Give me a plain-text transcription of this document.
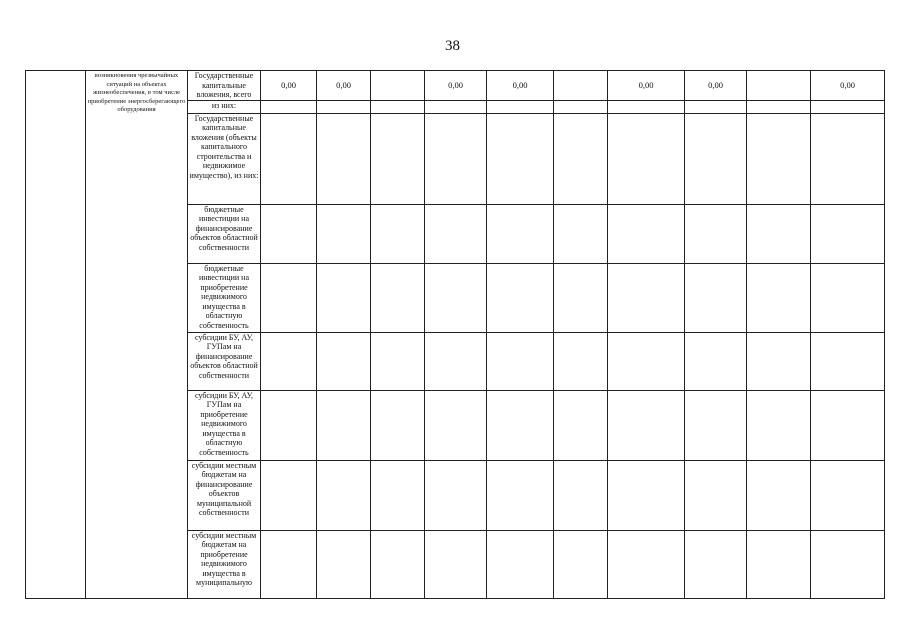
38
	возникновения чрезвычайных ситуаций на объектах жизнеобеспечения, в том числе приобретение энергосберегающего оборудования	Государственные капитальные вложения, всего	0,00	0,00		0,00	0,00		0,00	0,00		0,00
		из них:										
		Государственные капитальные вложения (объекты капитального строительства и недвижимое имущество), из них:										
		бюджетные инвестиции на финансирование объектов областной собственности										
		бюджетные инвестиции на приобретение недвижимого имущества в областную собственность										
		субсидии БУ, АУ, ГУПам на финансирование объектов областной собственности										
		субсидии БУ, АУ, ГУПам на приобретение недвижимого имущества в областную собственность										
		субсидии местным бюджетам на финансирование объектов муниципальной собственности										
		субсидии местным бюджетам на приобретение недвижимого имущества в муниципальную										
